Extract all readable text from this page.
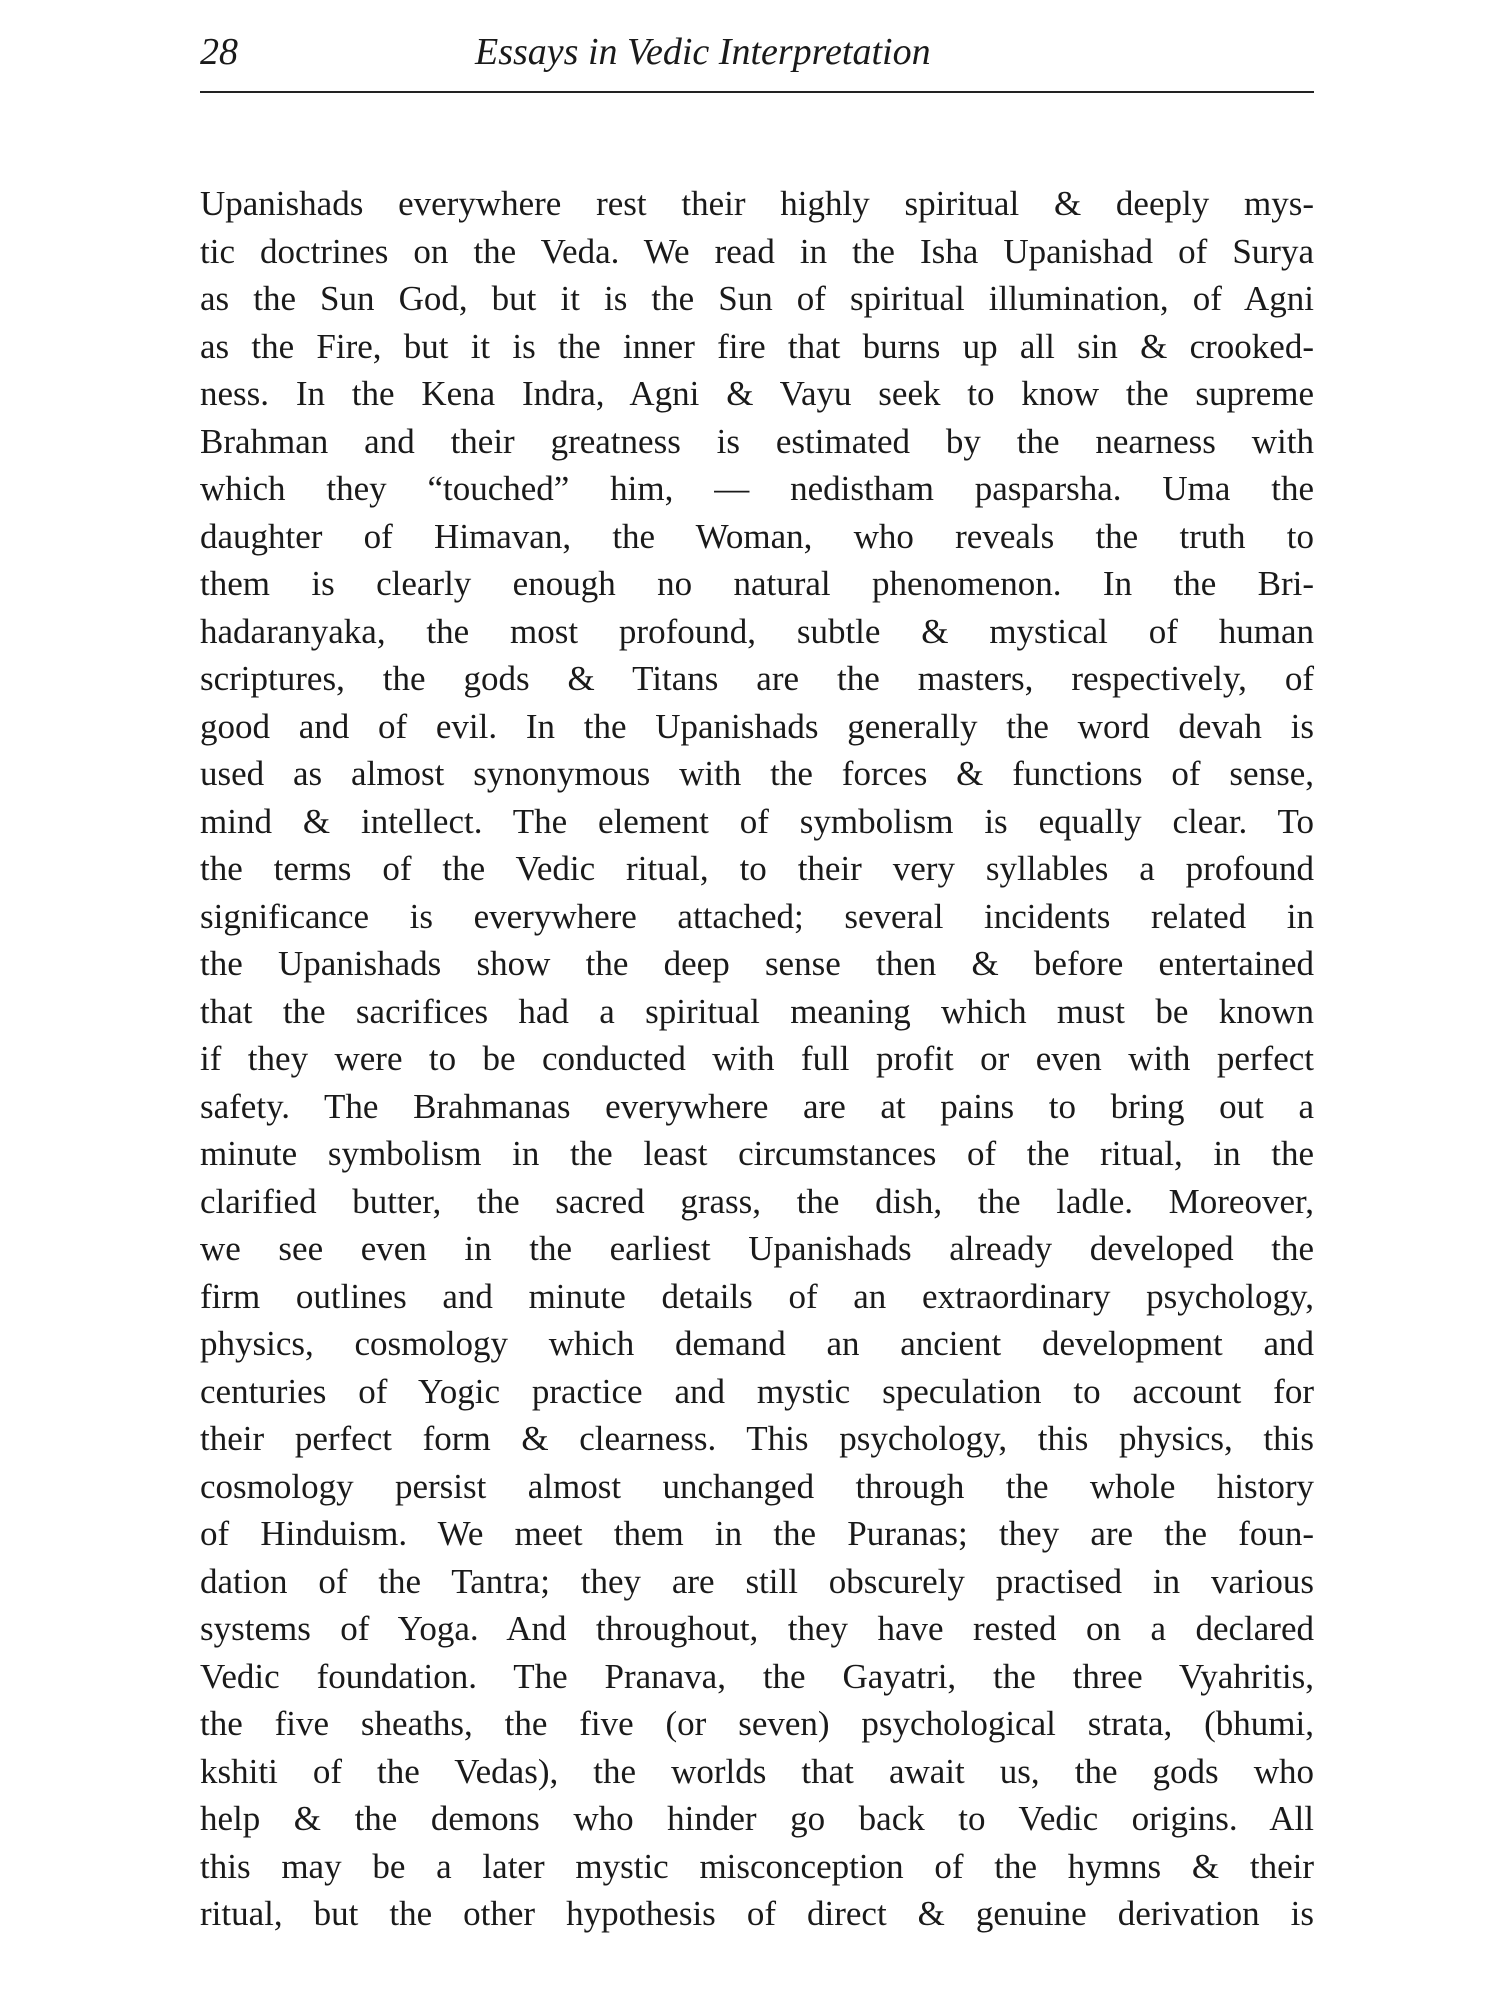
28	Essays in Vedic Interpretation
Upanishads everywhere rest their highly spiritual & deeply mys-
tic doctrines on the Veda. We read in the Isha Upanishad of Surya
as the Sun God, but it is the Sun of spiritual illumination, of Agni
as the Fire, but it is the inner fire that burns up all sin & crooked-
ness. In the Kena Indra, Agni & Vayu seek to know the supreme
Brahman and their greatness is estimated by the nearness with
which they “touched” him, — nedistham pasparsha. Uma the
daughter of Himavan, the Woman, who reveals the truth to
them is clearly enough no natural phenomenon. In the Bri-
hadaranyaka, the most profound, subtle & mystical of human
scriptures, the gods & Titans are the masters, respectively, of
good and of evil. In the Upanishads generally the word devah is
used as almost synonymous with the forces & functions of sense,
mind & intellect. The element of symbolism is equally clear. To
the terms of the Vedic ritual, to their very syllables a profound
significance is everywhere attached; several incidents related in
the Upanishads show the deep sense then & before entertained
that the sacrifices had a spiritual meaning which must be known
if they were to be conducted with full profit or even with perfect
safety. The Brahmanas everywhere are at pains to bring out a
minute symbolism in the least circumstances of the ritual, in the
clarified butter, the sacred grass, the dish, the ladle. Moreover,
we see even in the earliest Upanishads already developed the
firm outlines and minute details of an extraordinary psychology,
physics, cosmology which demand an ancient development and
centuries of Yogic practice and mystic speculation to account for
their perfect form & clearness. This psychology, this physics, this
cosmology persist almost unchanged through the whole history
of Hinduism. We meet them in the Puranas; they are the foun-
dation of the Tantra; they are still obscurely practised in various
systems of Yoga. And throughout, they have rested on a declared
Vedic foundation. The Pranava, the Gayatri, the three Vyahritis,
the five sheaths, the five (or seven) psychological strata, (bhumi,
kshiti of the Vedas), the worlds that await us, the gods who
help & the demons who hinder go back to Vedic origins. All
this may be a later mystic misconception of the hymns & their
ritual, but the other hypothesis of direct & genuine derivation is
